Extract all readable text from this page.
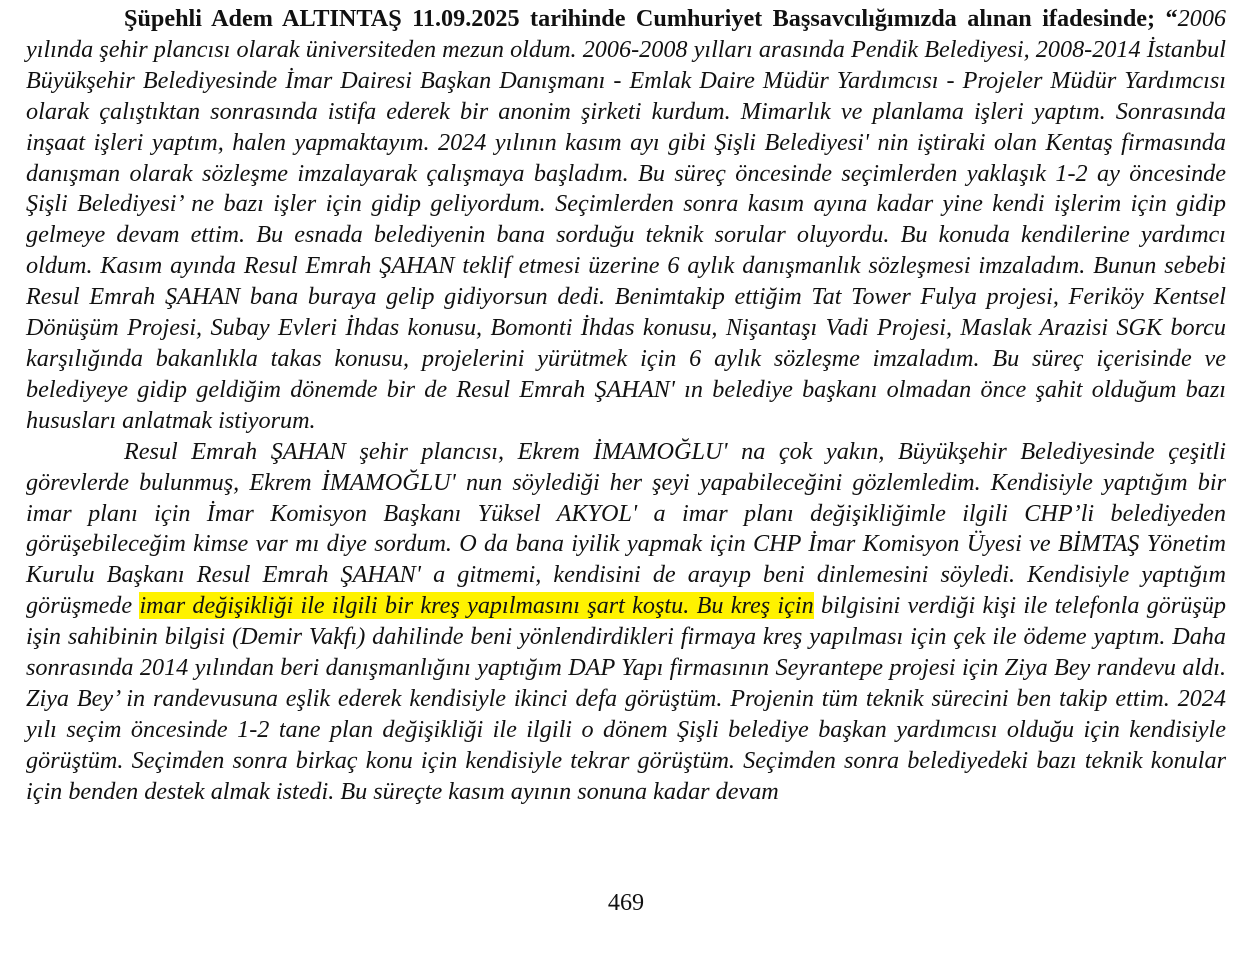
Şüpehli Adem ALTINTAŞ 11.09.2025 tarihinde Cumhuriyet Başsavcılığımızda alınan ifadesinde; “2006 yılında şehir plancısı olarak üniversiteden mezun oldum. 2006-2008 yılları arasında Pendik Belediyesi, 2008-2014 İstanbul Büyükşehir Belediyesinde İmar Dairesi Başkan Danışmanı - Emlak Daire Müdür Yardımcısı - Projeler Müdür Yardımcısı olarak çalıştıktan sonrasında istifa ederek bir anonim şirketi kurdum. Mimarlık ve planlama işleri yaptım. Sonrasında inşaat işleri yaptım, halen yapmaktayım. 2024 yılının kasım ayı gibi Şişli Belediyesi' nin iştiraki olan Kentaş firmasında danışman olarak sözleşme imzalayarak çalışmaya başladım. Bu süreç öncesinde seçimlerden yaklaşık 1-2 ay öncesinde Şişli Belediyesi’ ne bazı işler için gidip geliyordum. Seçimlerden sonra kasım ayına kadar yine kendi işlerim için gidip gelmeye devam ettim. Bu esnada belediyenin bana sorduğu teknik sorular oluyordu. Bu konuda kendilerine yardımcı oldum. Kasım ayında Resul Emrah ŞAHAN teklif etmesi üzerine 6 aylık danışmanlık sözleşmesi imzaladım. Bunun sebebi Resul Emrah ŞAHAN bana buraya gelip gidiyorsun dedi. Benimtakip ettiğim Tat Tower Fulya projesi, Feriköy Kentsel Dönüşüm Projesi, Subay Evleri İhdas konusu, Bomonti İhdas konusu, Nişantaşı Vadi Projesi, Maslak Arazisi SGK borcu karşılığında bakanlıkla takas konusu, projelerini yürütmek için 6 aylık sözleşme imzaladım. Bu süreç içerisinde ve belediyeye gidip geldiğim dönemde bir de Resul Emrah ŞAHAN' ın belediye başkanı olmadan önce şahit olduğum bazı hususları anlatmak istiyorum.

Resul Emrah ŞAHAN şehir plancısı, Ekrem İMAMOĞLU' na çok yakın, Büyükşehir Belediyesinde çeşitli görevlerde bulunmuş, Ekrem İMAMOĞLU' nun söylediği her şeyi yapabileceğini gözlemledim. Kendisiyle yaptığım bir imar planı için İmar Komisyon Başkanı Yüksel AKYOL' a imar planı değişikliğimle ilgili CHP’li belediyeden görüşebileceğim kimse var mı diye sordum. O da bana iyilik yapmak için CHP İmar Komisyon Üyesi ve BİMTAŞ Yönetim Kurulu Başkanı Resul Emrah ŞAHAN' a gitmemi, kendisini de arayıp beni dinlemesini söyledi. Kendisiyle yaptığım görüşmede imar değişikliği ile ilgili bir kreş yapılmasını şart koştu. Bu kreş için bilgisini verdiği kişi ile telefonla görüşüp işin sahibinin bilgisi (Demir Vakfı) dahilinde beni yönlendirdikleri firmaya kreş yapılması için çek ile ödeme yaptım. Daha sonrasında 2014 yılından beri danışmanlığını yaptığım DAP Yapı firmasının Seyrantepe projesi için Ziya Bey randevu aldı. Ziya Bey’ in randevusuna eşlik ederek kendisiyle ikinci defa görüştüm. Projenin tüm teknik sürecini ben takip ettim. 2024 yılı seçim öncesinde 1-2 tane plan değişikliği ile ilgili o dönem Şişli belediye başkan yardımcısı olduğu için kendisiyle görüştüm. Seçimden sonra birkaç konu için kendisiyle tekrar görüştüm. Seçimden sonra belediyedeki bazı teknik konular için benden destek almak istedi. Bu süreçte kasım ayının sonuna kadar devam

469
